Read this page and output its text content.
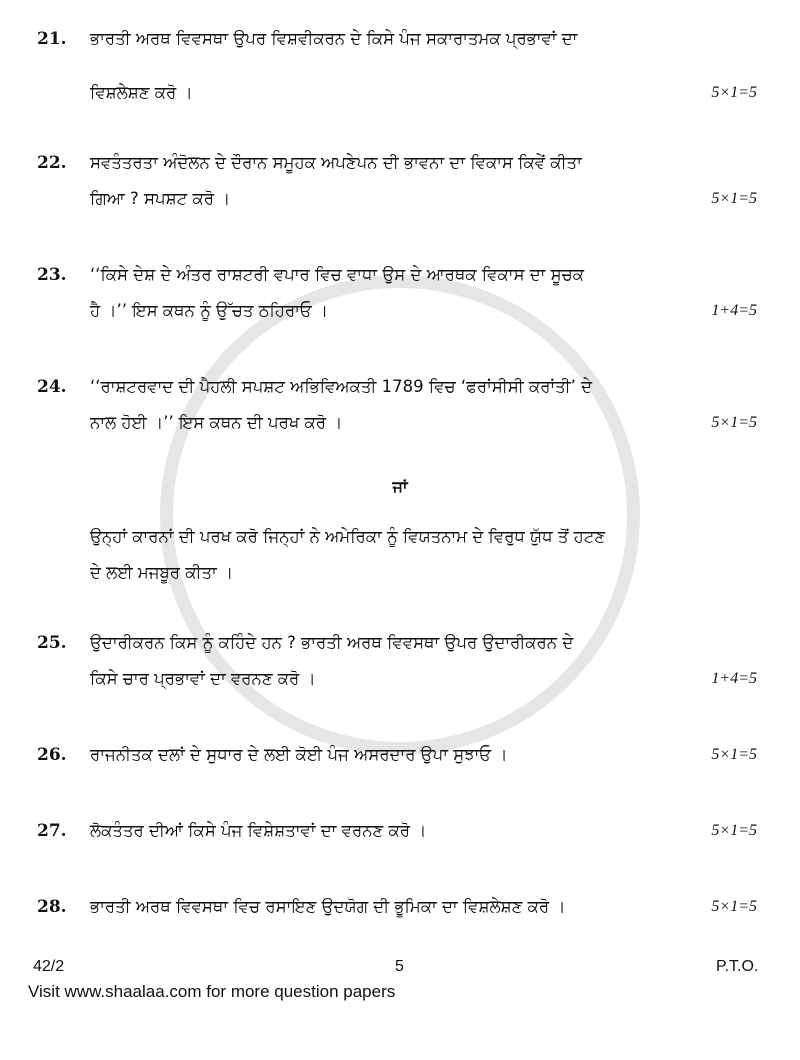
21. ਭਾਰਤੀ ਅਰਥ ਵਿਵਸਥਾ ਉਪਰ ਵਿਸ਼ਵੀਕਰਨ ਦੇ ਕਿਸੇ ਪੰਜ ਸਕਾਰਾਤਮਕ ਪ੍ਰਭਾਵਾਂ ਦਾ
ਵਿਸ਼ਲੇਸ਼ਣ ਕਰੋ ।	5×1=5
22. ਸਵਤੰਤਰਤਾ ਅੰਦੋਲਨ ਦੇ ਦੌਰਾਨ ਸਮੂਹਕ ਅਪਣੇਪਨ ਦੀ ਭਾਵਨਾ ਦਾ ਵਿਕਾਸ ਕਿਵੇਂ ਕੀਤਾ
ਗਿਆ ? ਸਪਸ਼ਟ ਕਰੋ ।	5×1=5
23. ‘‘ਕਿਸੇ ਦੇਸ਼ ਦੇ ਅੰਤਰ ਰਾਸ਼ਟਰੀ ਵਪਾਰ ਵਿਚ ਵਾਧਾ ਉਸ ਦੇ ਆਰਥਕ ਵਿਕਾਸ ਦਾ ਸੂਚਕ
ਹੈ ।’’ ਇਸ ਕਥਨ ਨੂੰ ਉੱਚਤ ਠਹਿਰਾਓ ।	1+4=5
24. ‘‘ਰਾਸ਼ਟਰਵਾਦ ਦੀ ਪੈਹਲੀ ਸਪਸ਼ਟ ਅਭਿਵਿਅਕਤੀ 1789 ਵਿਚ ‘ਫਰਾਂਸੀਸੀ ਕਰਾਂਤੀ’ ਦੇ
ਨਾਲ ਹੋਈ ।’’ ਇਸ ਕਥਨ ਦੀ ਪਰਖ ਕਰੋ ।	5×1=5
ਜਾਂ
ਉਨ੍ਹਾਂ ਕਾਰਨਾਂ ਦੀ ਪਰਖ ਕਰੋ ਜਿਨ੍ਹਾਂ ਨੇ ਅਮੇਰਿਕਾ ਨੂੰ ਵਿਯਤਨਾਮ ਦੇ ਵਿਰੁਧ ਯੁੱਧ ਤੋਂ ਹਟਣ
ਦੇ ਲਈ ਮਜਬੂਰ ਕੀਤਾ ।
25. ਉਦਾਰੀਕਰਨ ਕਿਸ ਨੂੰ ਕਹਿੰਦੇ ਹਨ ? ਭਾਰਤੀ ਅਰਥ ਵਿਵਸਥਾ ਉਪਰ ਉਦਾਰੀਕਰਨ ਦੇ
ਕਿਸੇ ਚਾਰ ਪ੍ਰਭਾਵਾਂ ਦਾ ਵਰਨਣ ਕਰੋ ।	1+4=5
26. ਰਾਜਨੀਤਕ ਦਲਾਂ ਦੇ ਸੁਧਾਰ ਦੇ ਲਈ ਕੋਈ ਪੰਜ ਅਸਰਦਾਰ ਉਪਾ ਸੁਝਾਓ ।	5×1=5
27. ਲੋਕਤੰਤਰ ਦੀਆਂ ਕਿਸੇ ਪੰਜ ਵਿਸ਼ੇਸ਼ਤਾਵਾਂ ਦਾ ਵਰਨਣ ਕਰੋ ।	5×1=5
28. ਭਾਰਤੀ ਅਰਥ ਵਿਵਸਥਾ ਵਿਚ ਰਸਾਇਣ ਉਦਯੋਗ ਦੀ ਭੂਮਿਕਾ ਦਾ ਵਿਸ਼ਲੇਸ਼ਣ ਕਰੋ ।	5×1=5
42/2	5	P.T.O.
Visit www.shaalaa.com for more question papers
